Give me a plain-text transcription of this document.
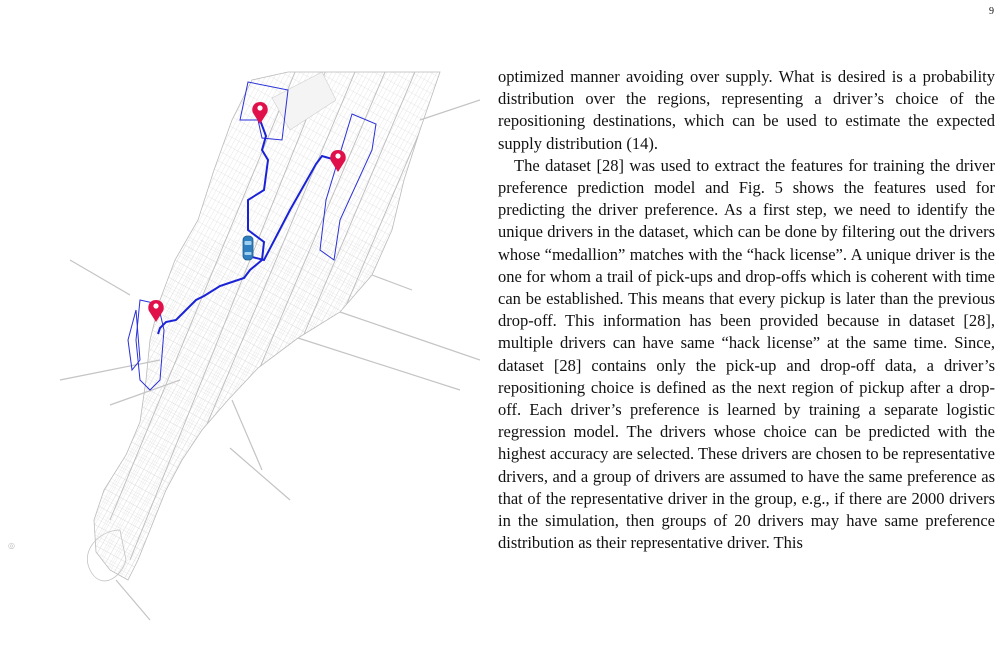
9
◎

optimized manner avoiding over supply. What is desired is a probability distribution over the regions, representing a driver’s choice of the repositioning destinations, which can be used to estimate the expected supply distribution (14).

The dataset [28] was used to extract the features for training the driver preference prediction model and Fig. 5 shows the features used for predicting the driver preference. As a first step, we need to identify the unique drivers in the dataset, which can be done by filtering out the drivers whose “medallion” matches with the “hack license”. A unique driver is the one for whom a trail of pick-ups and drop-offs which is coherent with time can be established. This means that every pickup is later than the previous drop-off. This information has been provided because in dataset [28], multiple drivers can have same “hack license” at the same time. Since, dataset [28] contains only the pick-up and drop-off data, a driver’s repositioning choice is defined as the next region of pickup after a drop-off. Each driver’s preference is learned by training a separate logistic regression model. The drivers whose choice can be predicted with the highest accuracy are selected. These drivers are chosen to be representative drivers, and a group of drivers are assumed to have the same preference as that of the representative driver in the group, e.g., if there are 2000 drivers in the simulation, then groups of 20 drivers may have same preference distribution as their representative driver. This
